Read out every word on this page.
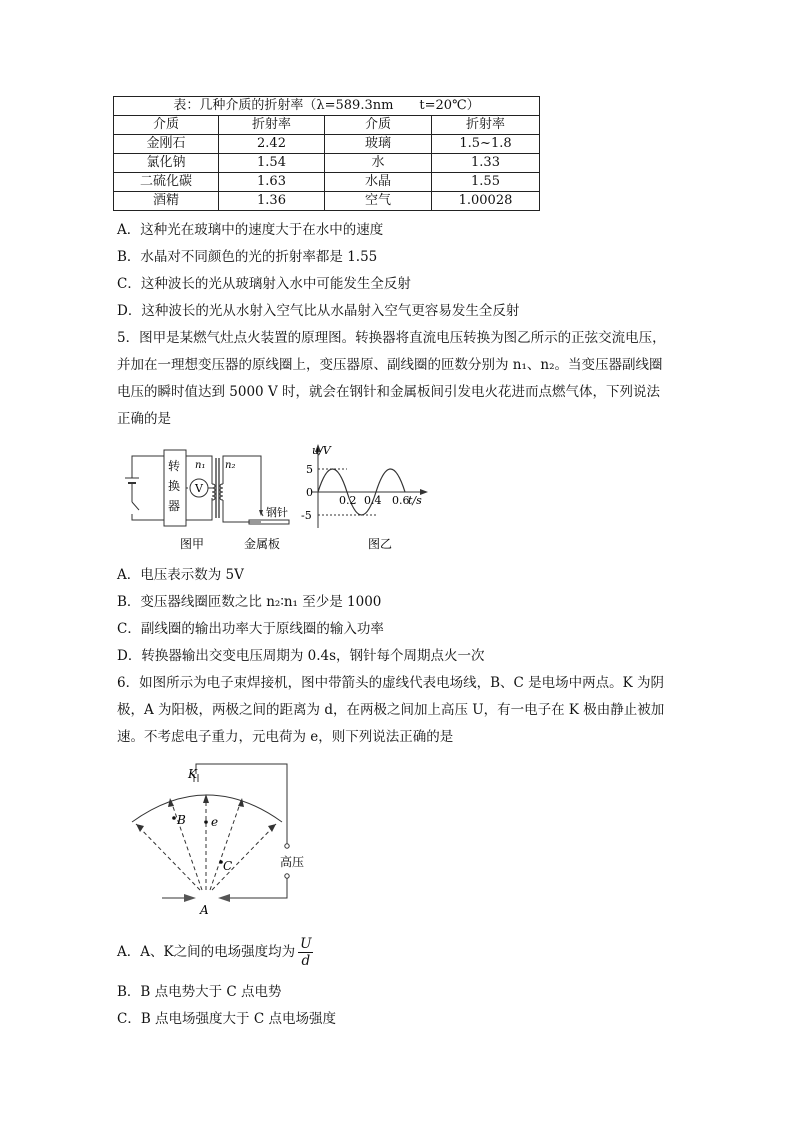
表：几种介质的折射率（λ=589.3nm　　t=20℃）			
介质	折射率	介质	折射率
金刚石	2.42	玻璃	1.5~1.8
氯化钠	1.54	水	1.33
二硫化碳	1.63	水晶	1.55
酒精	1.36	空气	1.00028
A．这种光在玻璃中的速度大于在水中的速度
B．水晶对不同颜色的光的折射率都是 1.55
C．这种波长的光从玻璃射入水中可能发生全反射
D．这种波长的光从水射入空气比从水晶射入空气更容易发生全反射
5．图甲是某燃气灶点火装置的原理图。转换器将直流电压转换为图乙所示的正弦交流电压，
并加在一理想变压器的原线圈上，变压器原、副线圈的匝数分别为 n₁、n₂。当变压器副线圈
电压的瞬时值达到 5000 V 时，就会在钢针和金属板间引发电火花进而点燃气体，下列说法
正确的是
转
换
器
V
n₁ n₂
钢针
图甲	金属板
u/V
t/s
5
0
-5
0.2 0.4 0.6
图乙
A．电压表示数为 5V
B．变压器线圈匝数之比 n₂∶n₁ 至少是 1000
C．副线圈的输出功率大于原线圈的输入功率
D．转换器输出交变电压周期为 0.4s，钢针每个周期点火一次
6．如图所示为电子束焊接机，图中带箭头的虚线代表电场线，B、C 是电场中两点。K 为阴
极，A 为阳极，两极之间的距离为 d，在两极之间加上高压 U，有一电子在 K 极由静止被加
速。不考虑电子重力，元电荷为 e，则下列说法正确的是
K
B e
C
A
高压
A．A、K之间的电场强度均为 $\frac{U}{d}$
B．B 点电势大于 C 点电势
C．B 点电场强度大于 C 点电场强度
